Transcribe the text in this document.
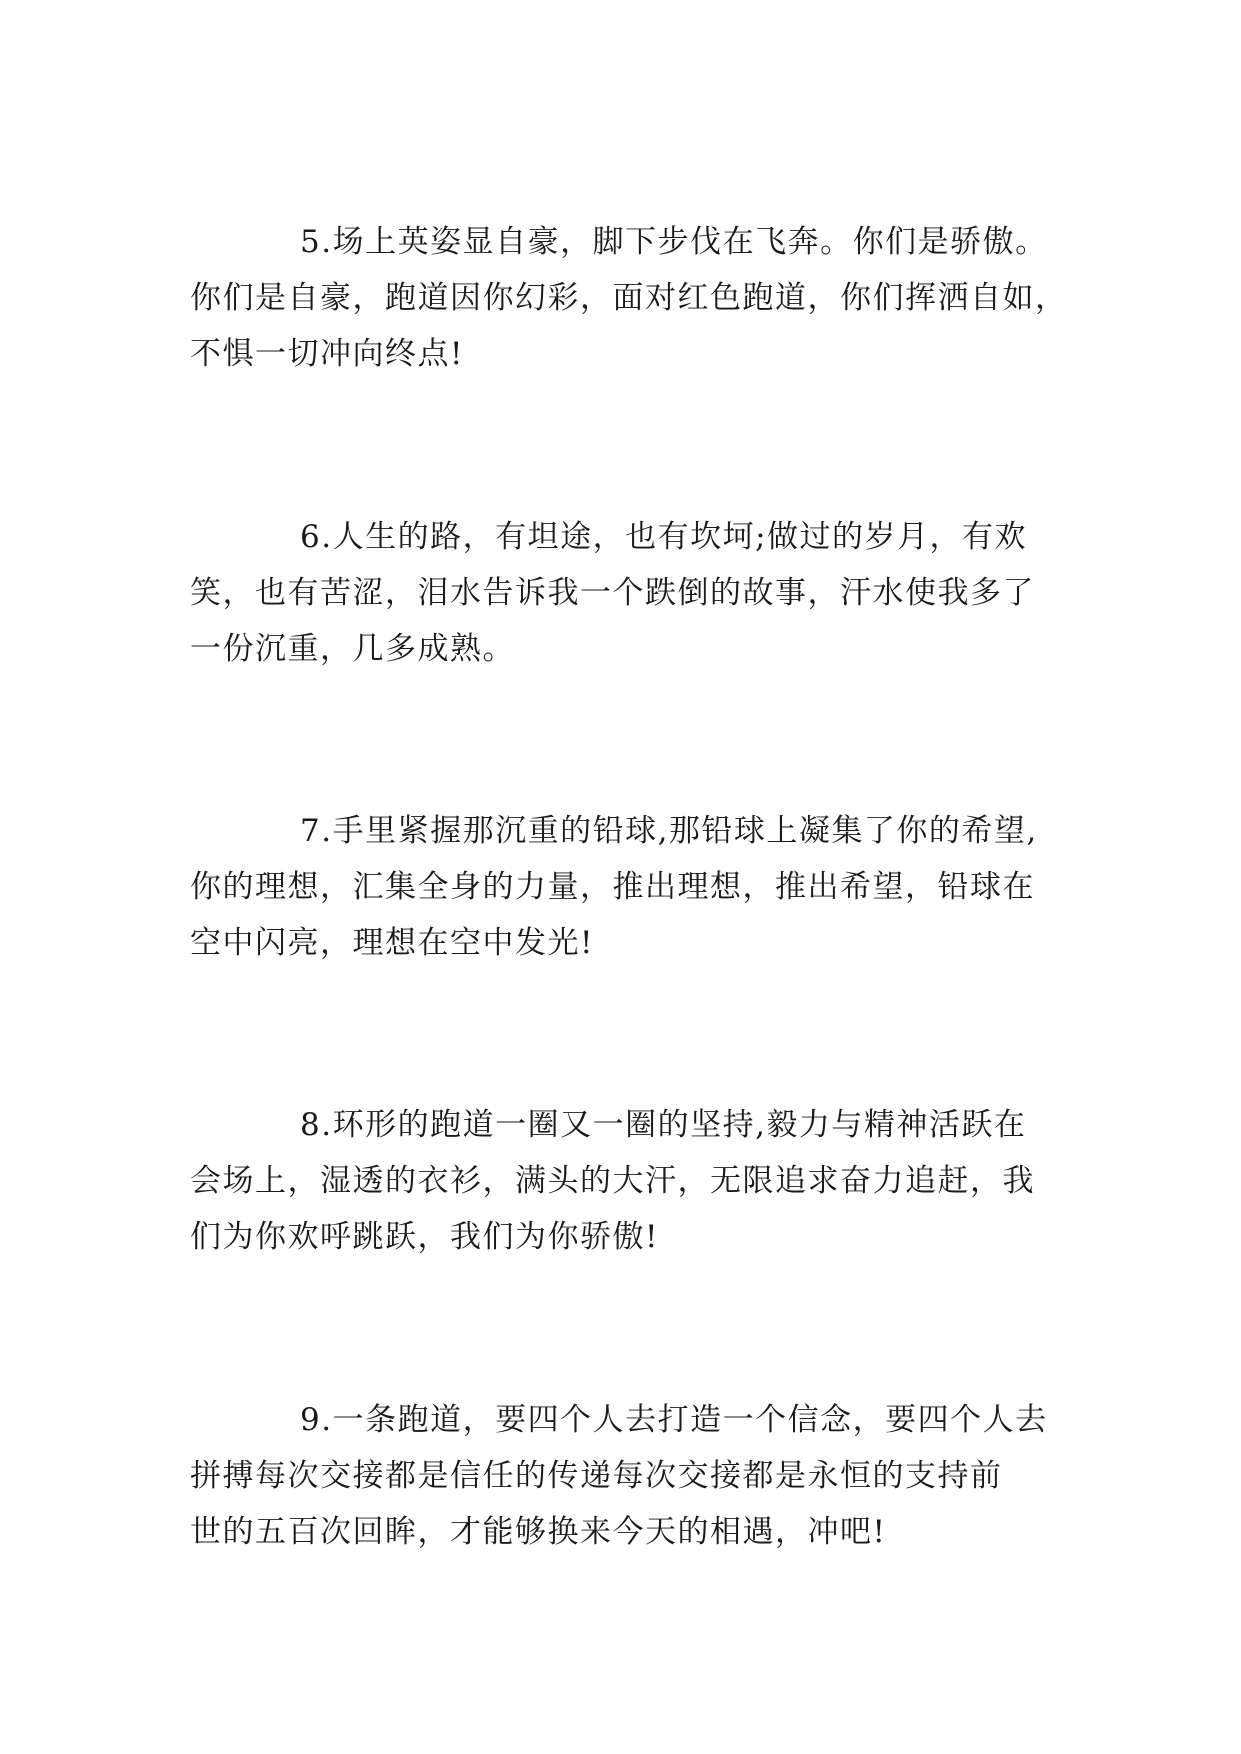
5.场上英姿显自豪，脚下步伐在飞奔。你们是骄傲。
你们是自豪，跑道因你幻彩，面对红色跑道，你们挥洒自如，
不惧一切冲向终点!
6.人生的路，有坦途，也有坎坷;做过的岁月，有欢
笑，也有苦涩，泪水告诉我一个跌倒的故事，汗水使我多了
一份沉重，几多成熟。
7.手里紧握那沉重的铅球,那铅球上凝集了你的希望,
你的理想，汇集全身的力量，推出理想，推出希望，铅球在
空中闪亮，理想在空中发光!
8.环形的跑道一圈又一圈的坚持,毅力与精神活跃在
会场上，湿透的衣衫，满头的大汗，无限追求奋力追赶，我
们为你欢呼跳跃，我们为你骄傲!
9.一条跑道，要四个人去打造一个信念，要四个人去
拼搏每次交接都是信任的传递每次交接都是永恒的支持前
世的五百次回眸，才能够换来今天的相遇，冲吧!
